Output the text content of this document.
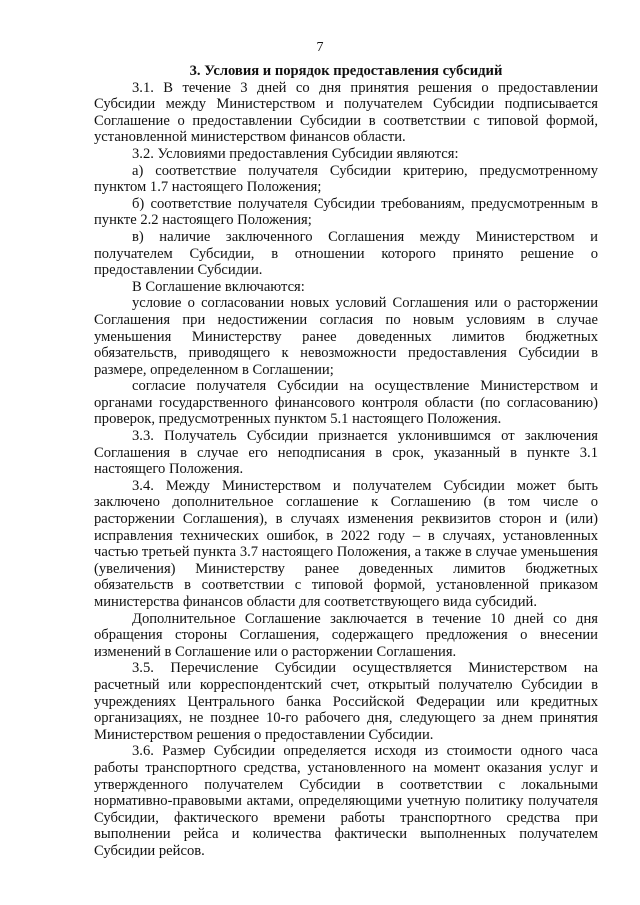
7

3. Условия и порядок предоставления субсидий

3.1. В течение 3 дней со дня принятия решения о предоставлении Субсидии между Министерством и получателем Субсидии подписывается Соглашение о предоставлении Субсидии в соответствии с типовой формой, установленной министерством финансов области.

3.2. Условиями предоставления Субсидии являются:

а) соответствие получателя Субсидии критерию, предусмотренному пунктом 1.7 настоящего Положения;

б) соответствие получателя Субсидии требованиям, предусмотренным в пункте 2.2 настоящего Положения;

в) наличие заключенного Соглашения между Министерством и получателем Субсидии, в отношении которого принято решение о предоставлении Субсидии.

В Соглашение включаются:

условие о согласовании новых условий Соглашения или о расторжении Соглашения при недостижении согласия по новым условиям в случае уменьшения Министерству ранее доведенных лимитов бюджетных обязательств, приводящего к невозможности предоставления Субсидии в размере, определенном в Соглашении;

согласие получателя Субсидии на осуществление Министерством и органами государственного финансового контроля области (по согласованию) проверок, предусмотренных пунктом 5.1 настоящего Положения.

3.3. Получатель Субсидии признается уклонившимся от заключения Соглашения в случае его неподписания в срок, указанный в пункте 3.1 настоящего Положения.

3.4. Между Министерством и получателем Субсидии может быть заключено дополнительное соглашение к Соглашению (в том числе о расторжении Соглашения), в случаях изменения реквизитов сторон и (или) исправления технических ошибок, в 2022 году – в случаях, установленных частью третьей пункта 3.7 настоящего Положения, а также в случае уменьшения (увеличения) Министерству ранее доведенных лимитов бюджетных обязательств в соответствии с типовой формой, установленной приказом министерства финансов области для соответствующего вида субсидий.

Дополнительное Соглашение заключается в течение 10 дней со дня обращения стороны Соглашения, содержащего предложения о внесении изменений в Соглашение или о расторжении Соглашения.

3.5. Перечисление Субсидии осуществляется Министерством на расчетный или корреспондентский счет, открытый получателю Субсидии в учреждениях Центрального банка Российской Федерации или кредитных организациях, не позднее 10-го рабочего дня, следующего за днем принятия Министерством решения о предоставлении Субсидии.

3.6. Размер Субсидии определяется исходя из стоимости одного часа работы транспортного средства, установленного на момент оказания услуг и утвержденного получателем Субсидии в соответствии с локальными нормативно-правовыми актами, определяющими учетную политику получателя Субсидии, фактического времени работы транспортного средства при выполнении рейса и количества фактически выполненных получателем Субсидии рейсов.
